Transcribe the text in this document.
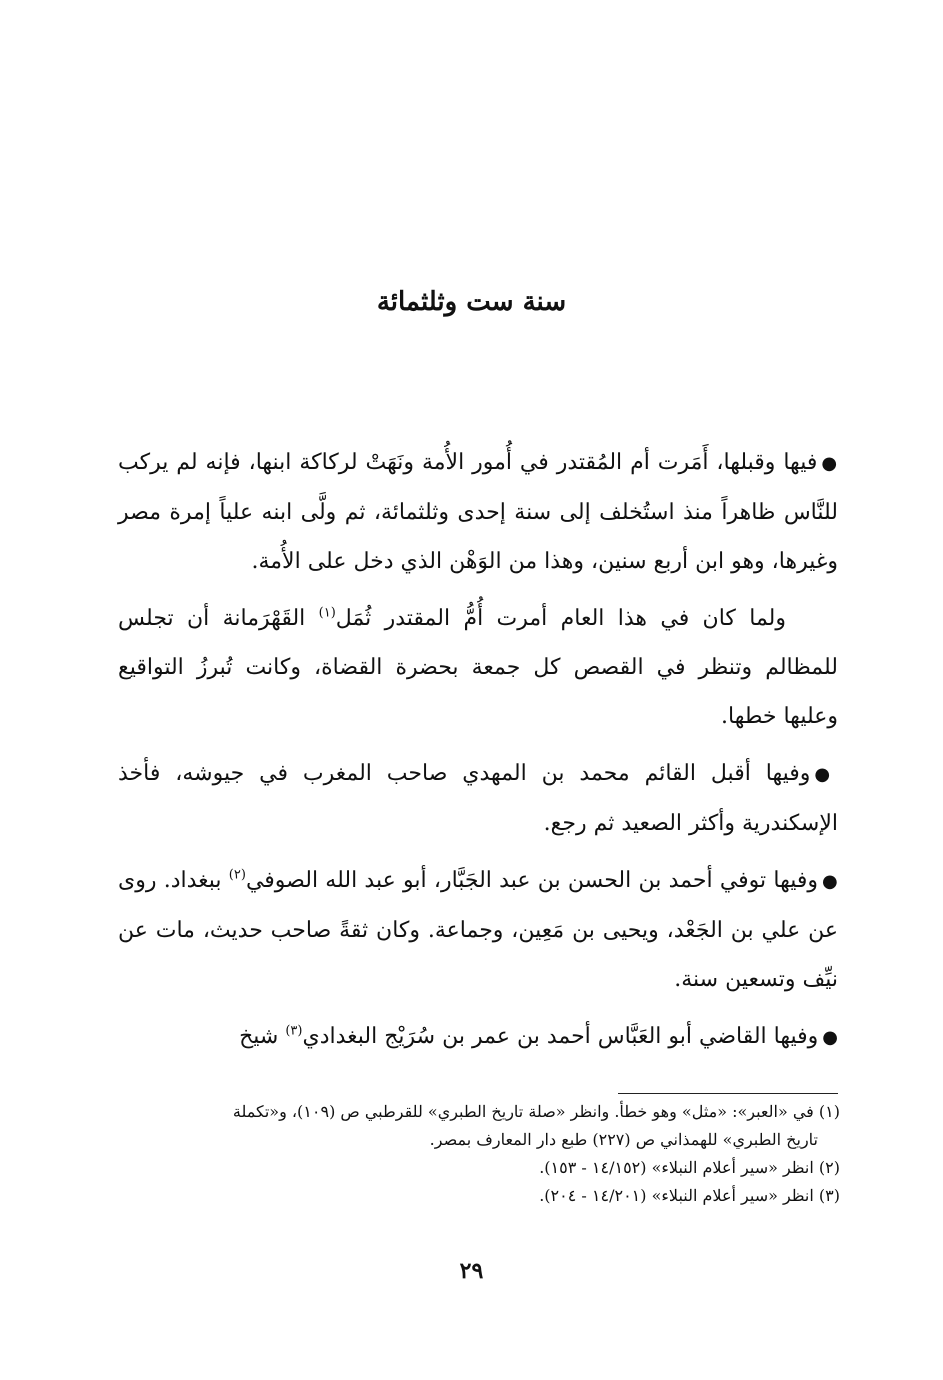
سنة ست وثلثمائة

●فيها وقبلها، أَمَرت أم المُقتدر في أُمور الأُمة ونَهَتْ لركاكة ابنها، فإنه لم يركب للنَّاس ظاهراً منذ استُخلف إلى سنة إحدى وثلثمائة، ثم ولَّى ابنه علياً إمرة مصر وغيرها، وهو ابن أربع سنين، وهذا من الوَهْن الذي دخل على الأُمة.

ولما كان في هذا العام أمرت أُمُّ المقتدر ثُمَل$^{(١)}$ القَهْرَمانة أن تجلس للمظالم وتنظر في القصص كل جمعة بحضرة القضاة، وكانت تُبرزُ التواقيع وعليها خطها.

●وفيها أقبل القائم محمد بن المهدي صاحب المغرب في جيوشه، فأخذ الإسكندرية وأكثر الصعيد ثم رجع.

●وفيها توفي أحمد بن الحسن بن عبد الجَبَّار، أبو عبد الله الصوفي$^{(٢)}$ ببغداد. روى عن علي بن الجَعْد، ويحيى بن مَعِين، وجماعة. وكان ثقةً صاحب حديث، مات عن نيِّف وتسعين سنة.

●وفيها القاضي أبو العَبَّاس أحمد بن عمر بن سُرَيْج البغدادي$^{(٣)}$ شيخ

(١) في «العبر»: «مثل» وهو خطأ. وانظر «صلة تاريخ الطبري» للقرطبي ص (١٠٩)، و«تكملة

تاريخ الطبري» للهمذاني ص (٢٢٧) طبع دار المعارف بمصر.

(٢) انظر «سير أعلام النبلاء» (١٤/١٥٢ - ١٥٣).

(٣) انظر «سير أعلام النبلاء» (١٤/٢٠١ - ٢٠٤).

٢٩
